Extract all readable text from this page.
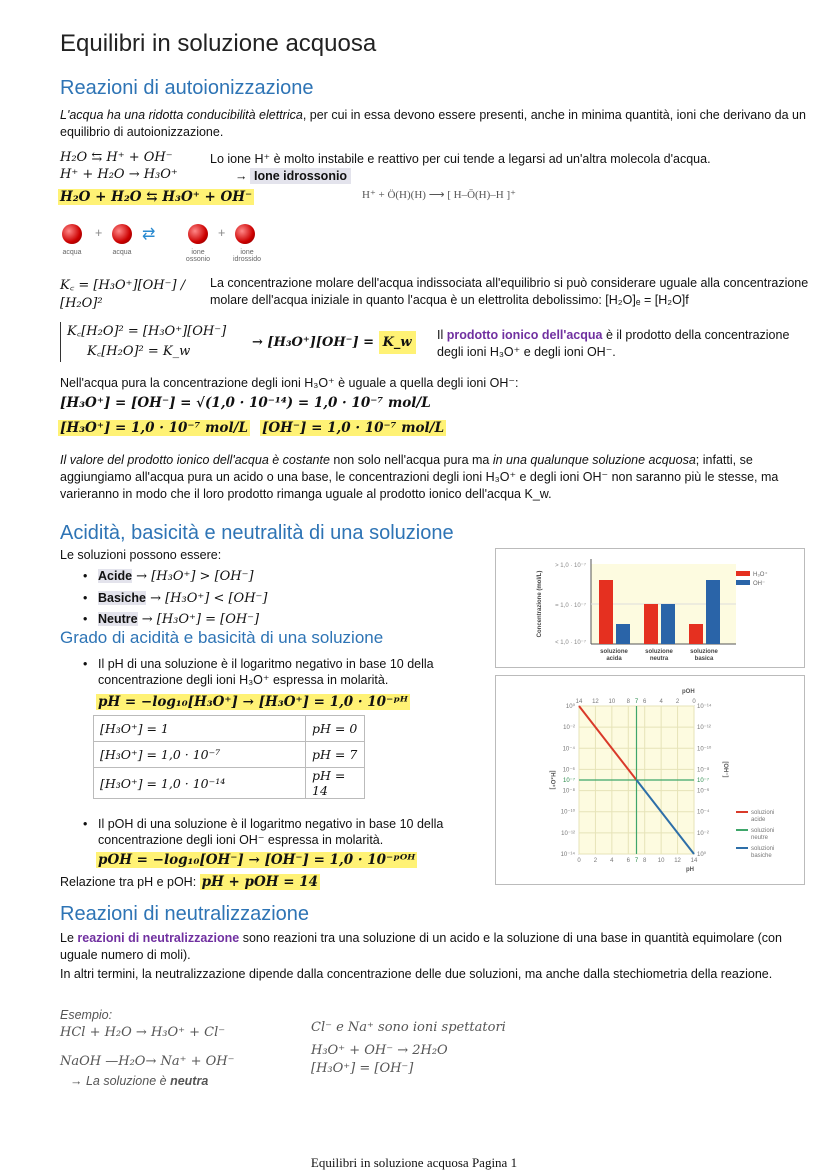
Equilibri in soluzione acquosa
Reazioni di autoionizzazione
L'acqua ha una ridotta conducibilità elettrica, per cui in essa devono essere presenti, anche in minima quantità, ioni che derivano da un equilibrio di autoionizzazione.
H₂O ⇆ H⁺ + OH⁻
H⁺ + H₂O → H₃O⁺
H₂O + H₂O ⇆ H₃O⁺ + OH⁻
Lo ione H⁺ è molto instabile e reattivo per cui tende a legarsi ad un'altra molecola d'acqua.
→ Ione idrossonio
H⁺ + Ö(H)(H) ⟶ [ H–Ō(H)–H ]⁺
+ ⇄	+
acqua	acqua	ione ossonio
ione idrossido
K꜀ = [H₃O⁺][OH⁻] / [H₂O]²
La concentrazione molare dell'acqua indissociata all'equilibrio si può considerare uguale alla concentrazione molare dell'acqua iniziale in quanto l'acqua è un elettrolita debolissimo: [H₂O]ₑ = [H₂O]f
K꜀[H₂O]² = [H₃O⁺][OH⁻]
K꜀[H₂O]² = K_w
→ [H₃O⁺][OH⁻] = K_w	Il prodotto ionico dell'acqua è il prodotto della concentrazione degli ioni H₃O⁺ e degli ioni OH⁻.
Nell'acqua pura la concentrazione degli ioni H₃O⁺ è uguale a quella degli ioni OH⁻:
[H₃O⁺] = [OH⁻] = √(1,0 · 10⁻¹⁴) = 1,0 · 10⁻⁷ mol/L
[H₃O⁺] = 1,0 · 10⁻⁷ mol/L [OH⁻] = 1,0 · 10⁻⁷ mol/L
Il valore del prodotto ionico dell'acqua è costante non solo nell'acqua pura ma in una qualunque soluzione acquosa; infatti, se aggiungiamo all'acqua pura un acido o una base, le concentrazioni degli ioni H₃O⁺ e degli ioni OH⁻ non saranno più le stesse, ma varieranno in modo che il loro prodotto rimanga uguale al prodotto ionico dell'acqua K_w.
Acidità, basicità e neutralità di una soluzione
Le soluzioni possono essere:
• Acide → [H₃O⁺] > [OH⁻]
• Basiche → [H₃O⁺] < [OH⁻]
• Neutre → [H₃O⁺] = [OH⁻]
Grado di acidità e basicità di una soluzione
• Il pH di una soluzione è il logaritmo negativo in base 10 della concentrazione degli ioni H₃O⁺ espressa in molarità.
pH = −log₁₀[H₃O⁺] → [H₃O⁺] = 1,0 · 10⁻ᵖᴴ
[H₃O⁺] = 1	pH = 0
[H₃O⁺] = 1,0 · 10⁻⁷	pH = 7
[H₃O⁺] = 1,0 · 10⁻¹⁴	pH = 14
• Il pOH di una soluzione è il logaritmo negativo in base 10 della concentrazione degli ioni OH⁻ espressa in molarità.
pOH = −log₁₀[OH⁻] → [OH⁻] = 1,0 · 10⁻ᵖᴼᴴ
Relazione tra pH e pOH: pH + pOH = 14
> 1,0 · 10⁻⁷
= 1,0 · 10⁻⁷
< 1,0 · 10⁻⁷
Concentrazione (mol/L)
soluzione
acida
soluzione
neutra
soluzione
basica
H₃O⁺
OH⁻
0 2 4 6 7 8 10 12 14
14 12 10 8 7 6 4 2 0
10⁰
10⁻²
10⁻⁴
10⁻⁶
10⁻⁷
10⁻⁸
10⁻¹⁰
10⁻¹²
10⁻¹⁴
10⁻¹⁴
10⁻¹²
10⁻¹⁰
10⁻⁸
10⁻⁷
10⁻⁶
10⁻⁴
10⁻²
10⁰
pH
pOH
[H₃O⁺]
[OH⁻]
soluzioni
acide
soluzioni
neutre
soluzioni
basiche
Reazioni di neutralizzazione
Le reazioni di neutralizzazione sono reazioni tra una soluzione di un acido e la soluzione di una base in quantità equimolare (con uguale numero di moli).
In altri termini, la neutralizzazione dipende dalla concentrazione delle due soluzioni, ma anche dalla stechiometria della reazione.
Esempio:
HCl + H₂O → H₃O⁺ + Cl⁻
NaOH —H₂O→ Na⁺ + OH⁻
→ La soluzione è neutra
Cl⁻ e Na⁺ sono ioni spettatori
H₃O⁺ + OH⁻ → 2H₂O
[H₃O⁺] = [OH⁻]
Equilibri in soluzione acquosa Pagina 1
